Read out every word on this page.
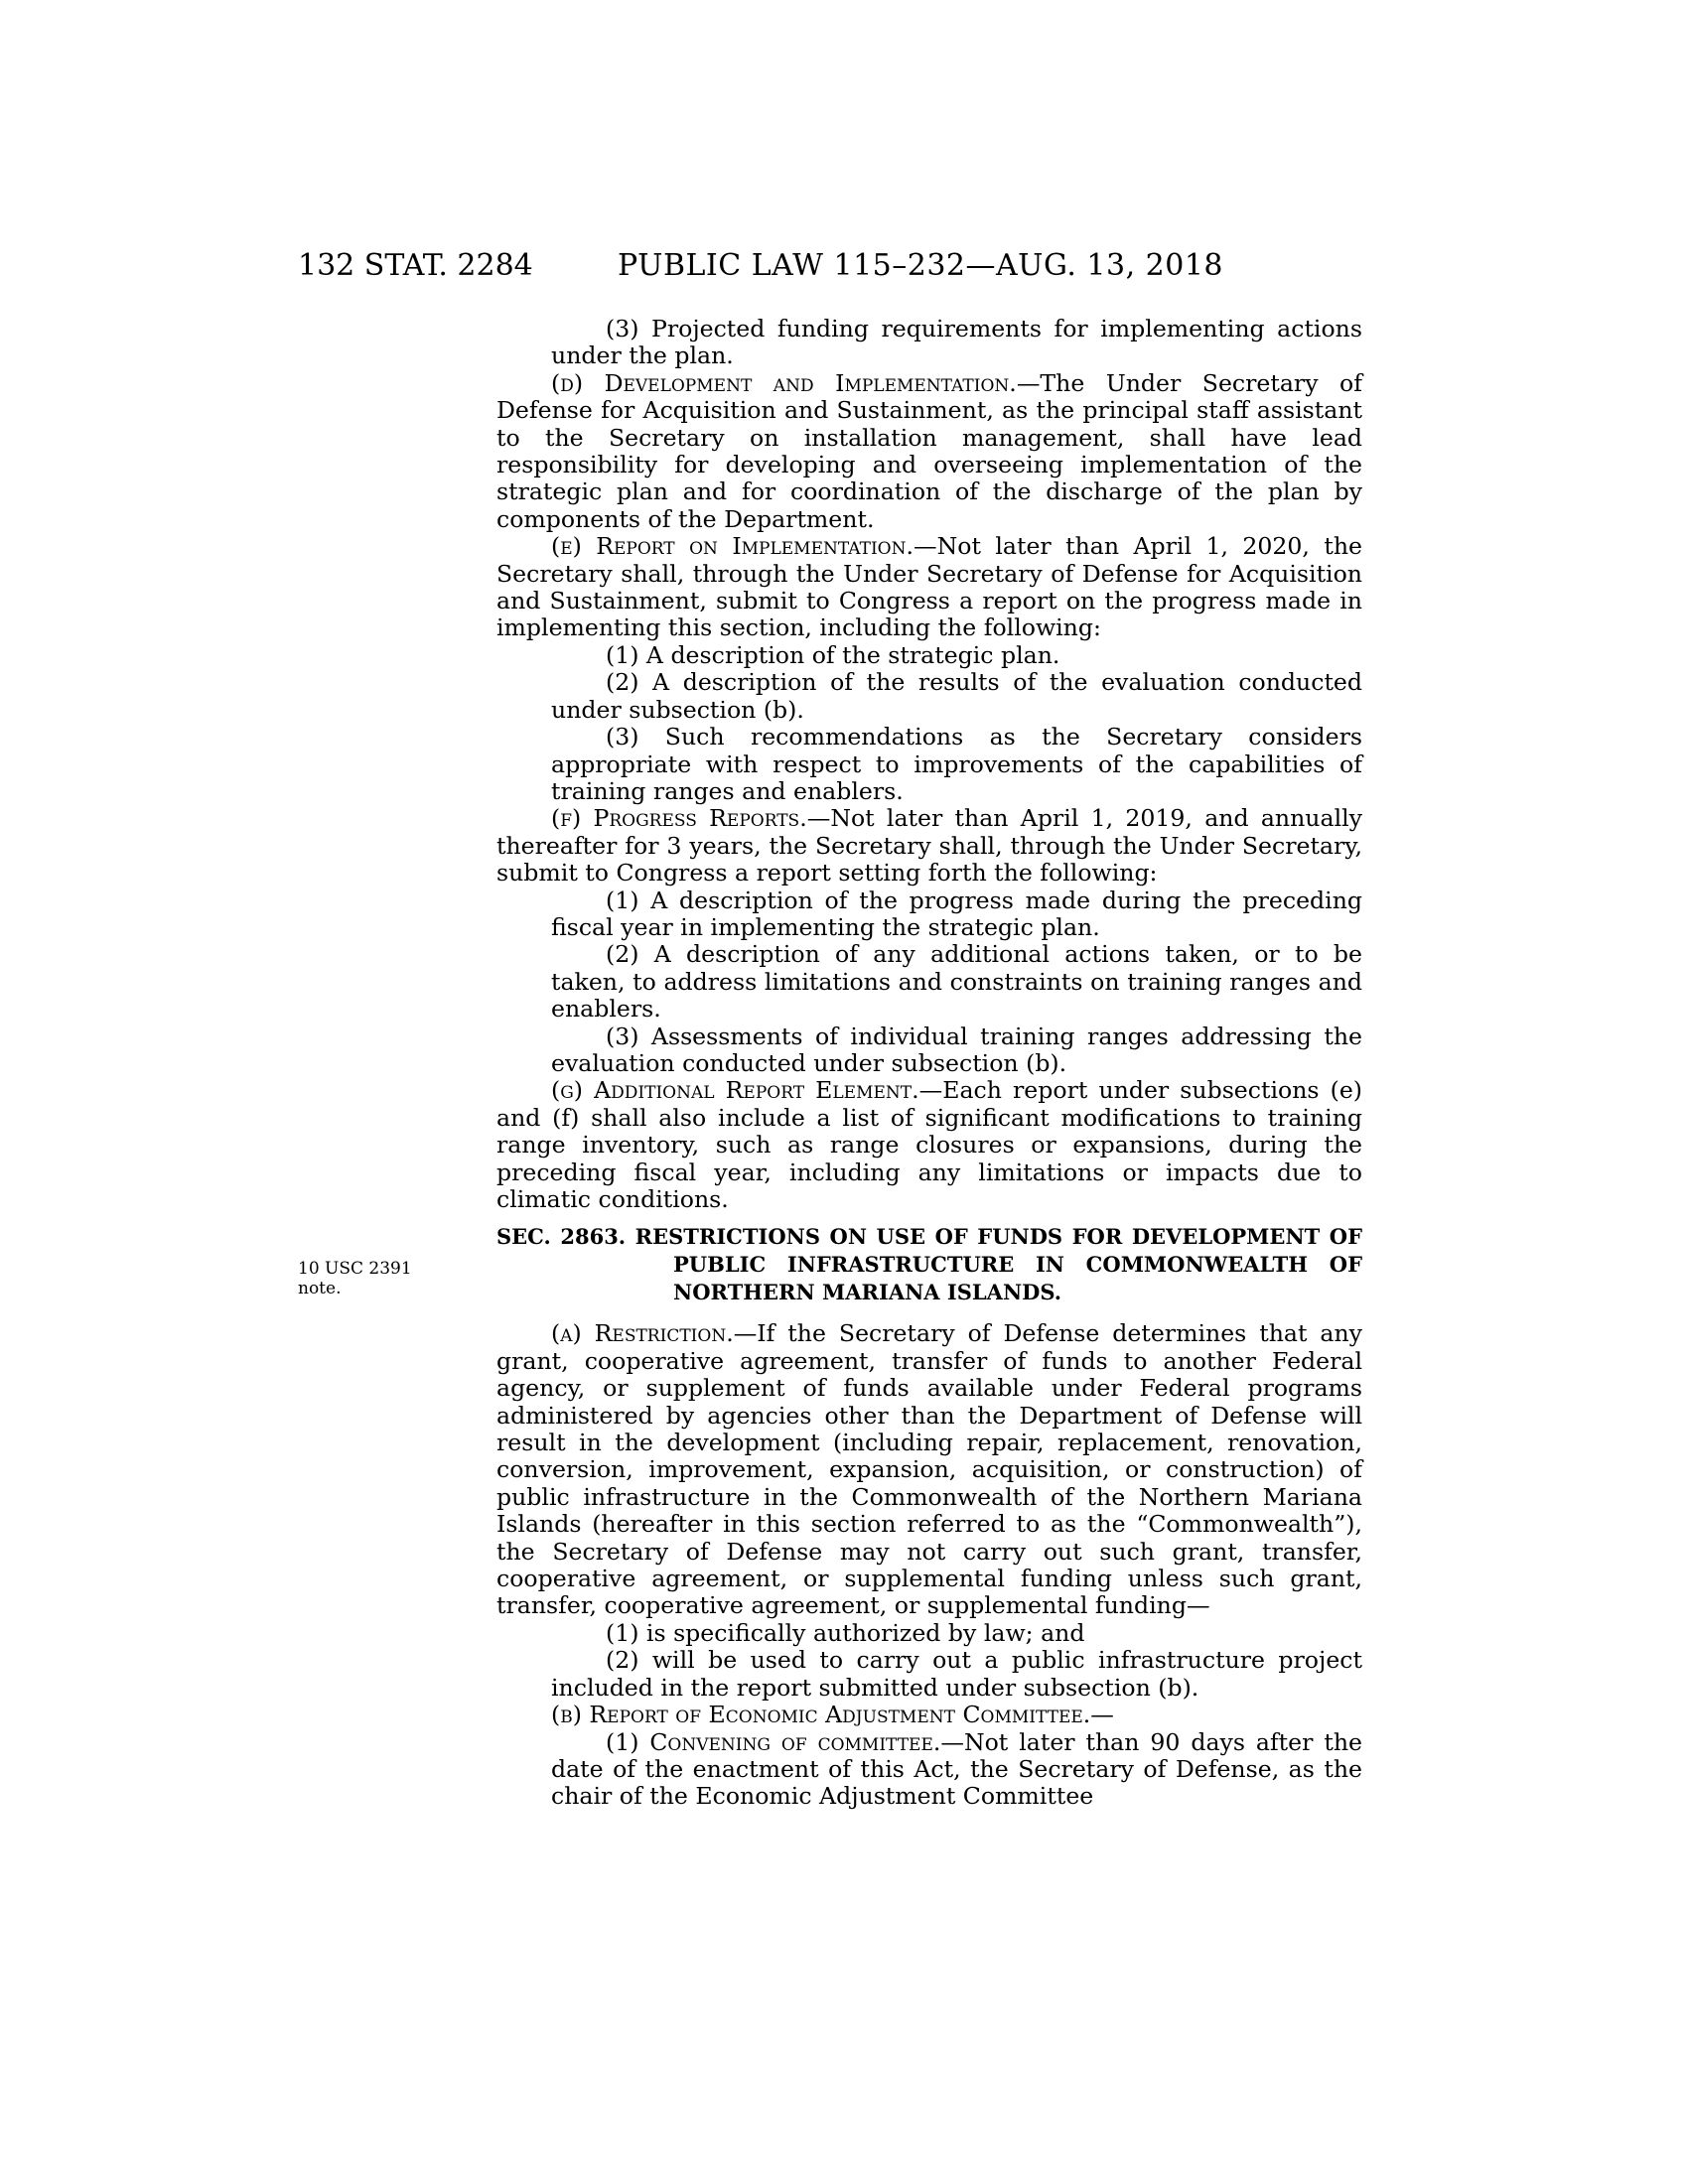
132 STAT. 2284	PUBLIC LAW 115–232—AUG. 13, 2018
10 USC 2391
note.

(3) Projected funding requirements for implementing actions under the plan.

(d) Development and Implementation.—The Under Secretary of Defense for Acquisition and Sustainment, as the principal staff assistant to the Secretary on installation management, shall have lead responsibility for developing and overseeing implementation of the strategic plan and for coordination of the discharge of the plan by components of the Department.

(e) Report on Implementation.—Not later than April 1, 2020, the Secretary shall, through the Under Secretary of Defense for Acquisition and Sustainment, submit to Congress a report on the progress made in implementing this section, including the following:

(1) A description of the strategic plan.

(2) A description of the results of the evaluation conducted under subsection (b).

(3) Such recommendations as the Secretary considers appropriate with respect to improvements of the capabilities of training ranges and enablers.

(f) Progress Reports.—Not later than April 1, 2019, and annually thereafter for 3 years, the Secretary shall, through the Under Secretary, submit to Congress a report setting forth the following:

(1) A description of the progress made during the preceding fiscal year in implementing the strategic plan.

(2) A description of any additional actions taken, or to be taken, to address limitations and constraints on training ranges and enablers.

(3) Assessments of individual training ranges addressing the evaluation conducted under subsection (b).

(g) Additional Report Element.—Each report under subsections (e) and (f) shall also include a list of significant modifications to training range inventory, such as range closures or expansions, during the preceding fiscal year, including any limitations or impacts due to climatic conditions.

SEC. 2863. RESTRICTIONS ON USE OF FUNDS FOR DEVELOPMENT OF PUBLIC INFRASTRUCTURE IN COMMONWEALTH OF NORTHERN MARIANA ISLANDS.

(a) Restriction.—If the Secretary of Defense determines that any grant, cooperative agreement, transfer of funds to another Federal agency, or supplement of funds available under Federal programs administered by agencies other than the Department of Defense will result in the development (including repair, replacement, renovation, conversion, improvement, expansion, acquisition, or construction) of public infrastructure in the Commonwealth of the Northern Mariana Islands (hereafter in this section referred to as the “Commonwealth”), the Secretary of Defense may not carry out such grant, transfer, cooperative agreement, or supplemental funding unless such grant, transfer, cooperative agreement, or supplemental funding—

(1) is specifically authorized by law; and

(2) will be used to carry out a public infrastructure project included in the report submitted under subsection (b).

(b) Report of Economic Adjustment Committee.—

(1) Convening of committee.—Not later than 90 days after the date of the enactment of this Act, the Secretary of Defense, as the chair of the Economic Adjustment Committee
